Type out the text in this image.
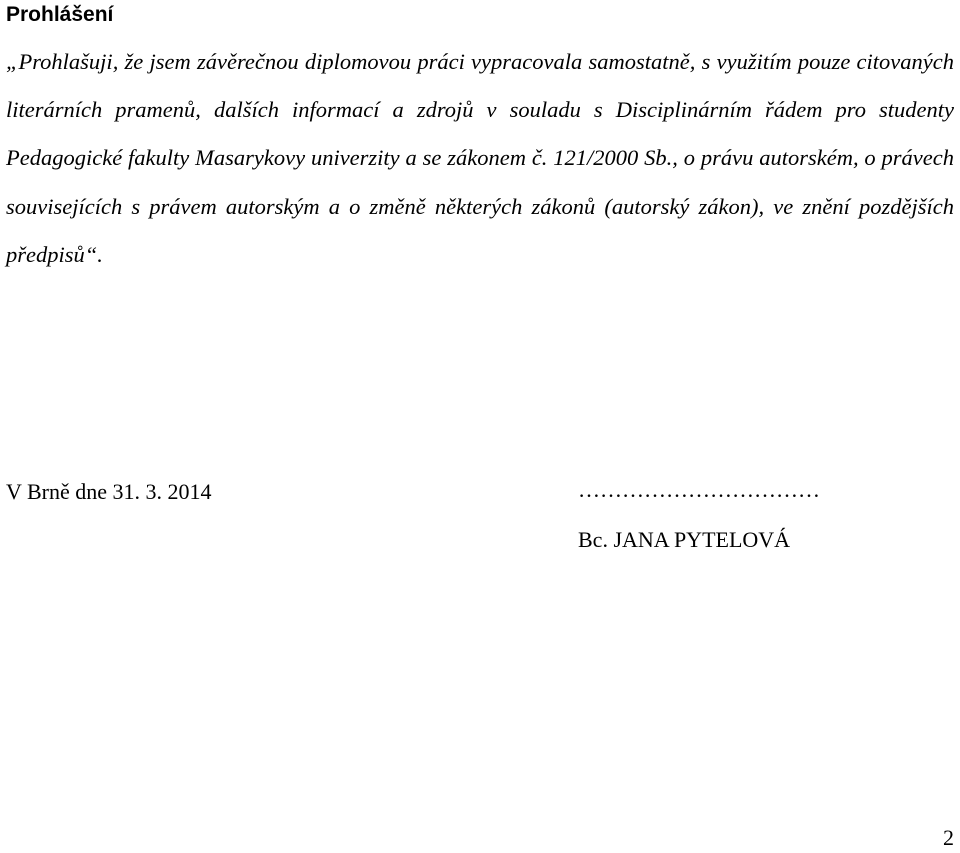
Prohlášení

„Prohlašuji, že jsem závěrečnou diplomovou práci vypracovala samostatně, s využitím pouze citovaných literárních pramenů, dalších informací a zdrojů v souladu s Disciplinárním řádem pro studenty Pedagogické fakulty Masarykovy univerzity a se zákonem č. 121/2000 Sb., o právu autorském, o právech souvisejících s právem autorským a o změně některých zákonů (autorský zákon), ve znění pozdějších předpisů“.

V Brně dne 31. 3. 2014	……………………………
Bc. JANA PYTELOVÁ
2
